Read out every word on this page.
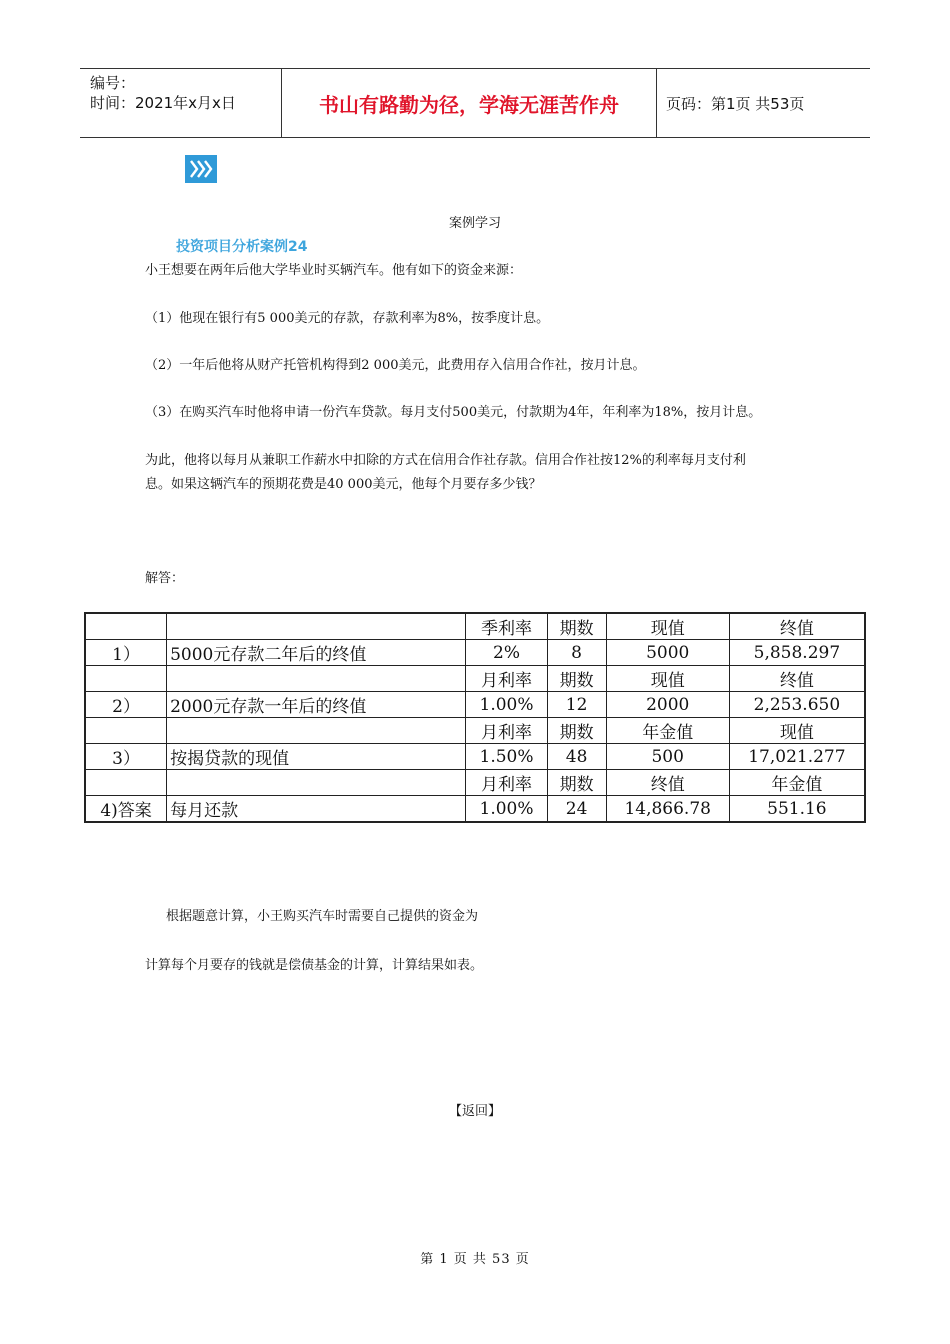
编号：
时间：2021年x月x日	书山有路勤为径，学海无涯苦作舟	页码：第1页 共53页
案例学习
投资项目分析案例24
小王想要在两年后他大学毕业时买辆汽车。他有如下的资金来源：
（1）他现在银行有5 000美元的存款，存款利率为8%，按季度计息。
（2）一年后他将从财产托管机构得到2 000美元，此费用存入信用合作社，按月计息。
（3）在购买汽车时他将申请一份汽车贷款。每月支付500美元，付款期为4年，年利率为18%，按月计息。
为此，他将以每月从兼职工作薪水中扣除的方式在信用合作社存款。信用合作社按12%的利率每月支付利
息。如果这辆汽车的预期花费是40 000美元，他每个月要存多少钱？
解答：
		季利率	期数	现值	终值
1）	5000元存款二年后的终值	2%	8	5000	5,858.297
		月利率	期数	现值	终值
2）	2000元存款一年后的终值	1.00%	12	2000	2,253.650
		月利率	期数	年金值	现值
3）	按揭贷款的现值	1.50%	48	500	17,021.277
		月利率	期数	终值	年金值
4)答案	每月还款	1.00%	24	14,866.78	551.16
根据题意计算，小王购买汽车时需要自己提供的资金为
计算每个月要存的钱就是偿债基金的计算，计算结果如表。
【返回】
第 1 页 共 53 页
